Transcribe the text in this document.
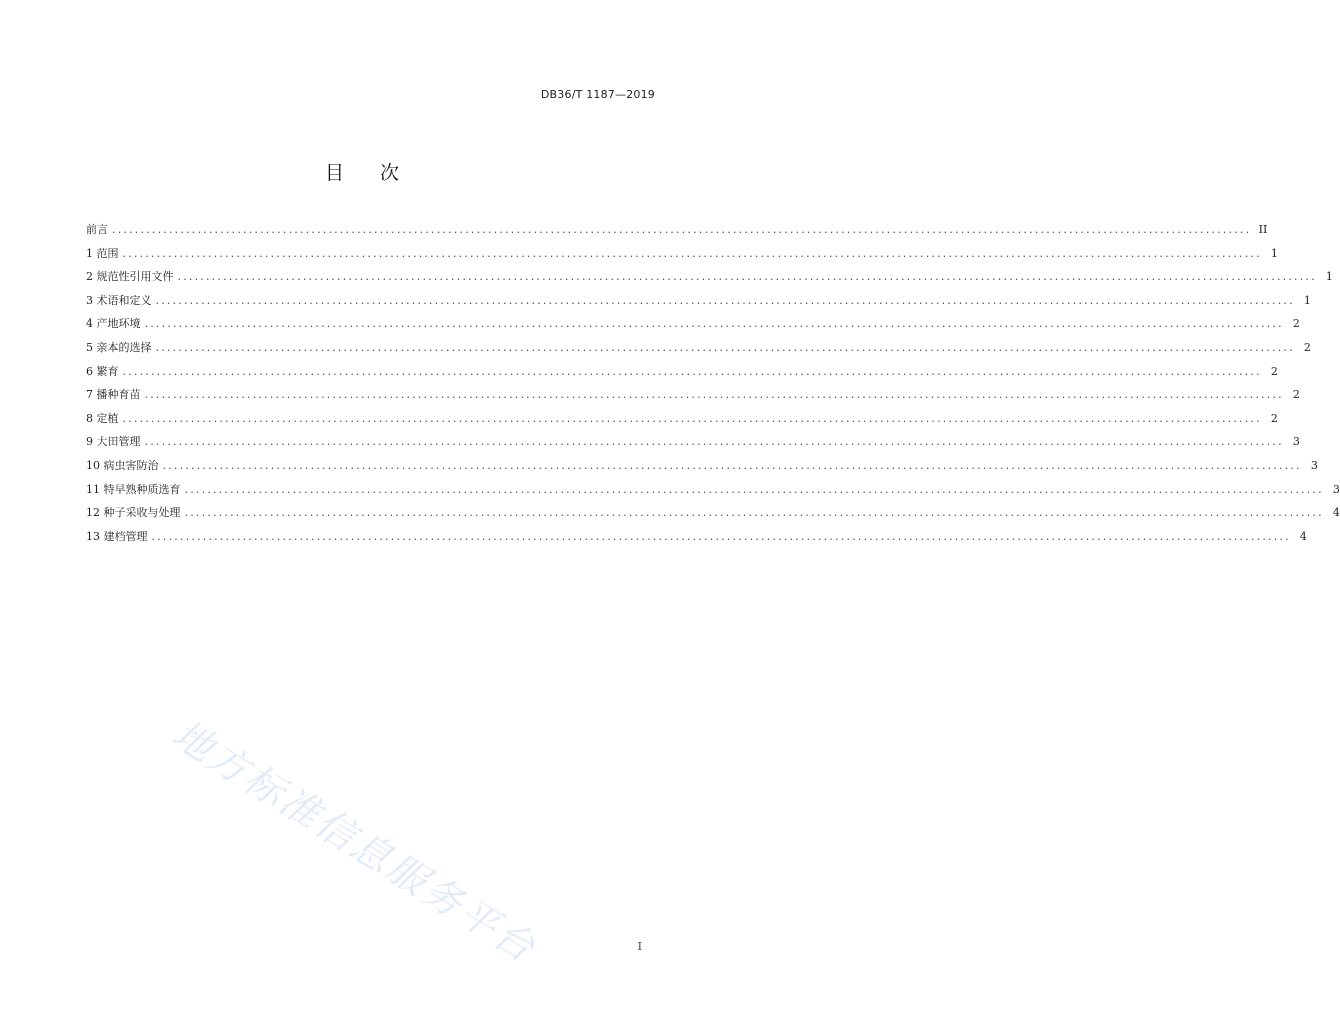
DB36/T 1187—2019
目次
前言 ........................................................................................................................................................................................................ II
1 范围 ........................................................................................................................................................................................................ 1
2 规范性引用文件 ........................................................................................................................................................................................................ 1
3 术语和定义 ........................................................................................................................................................................................................ 1
4 产地环境 ........................................................................................................................................................................................................ 2
5 亲本的选择 ........................................................................................................................................................................................................ 2
6 繁育 ........................................................................................................................................................................................................ 2
7 播种育苗 ........................................................................................................................................................................................................ 2
8 定植 ........................................................................................................................................................................................................ 2
9 大田管理 ........................................................................................................................................................................................................ 3
10 病虫害防治 ........................................................................................................................................................................................................ 3
11 特早熟种质选育 ........................................................................................................................................................................................................ 3
12 种子采收与处理 ........................................................................................................................................................................................................ 4
13 建档管理 ........................................................................................................................................................................................................ 4
地方标准信息服务平台	I
